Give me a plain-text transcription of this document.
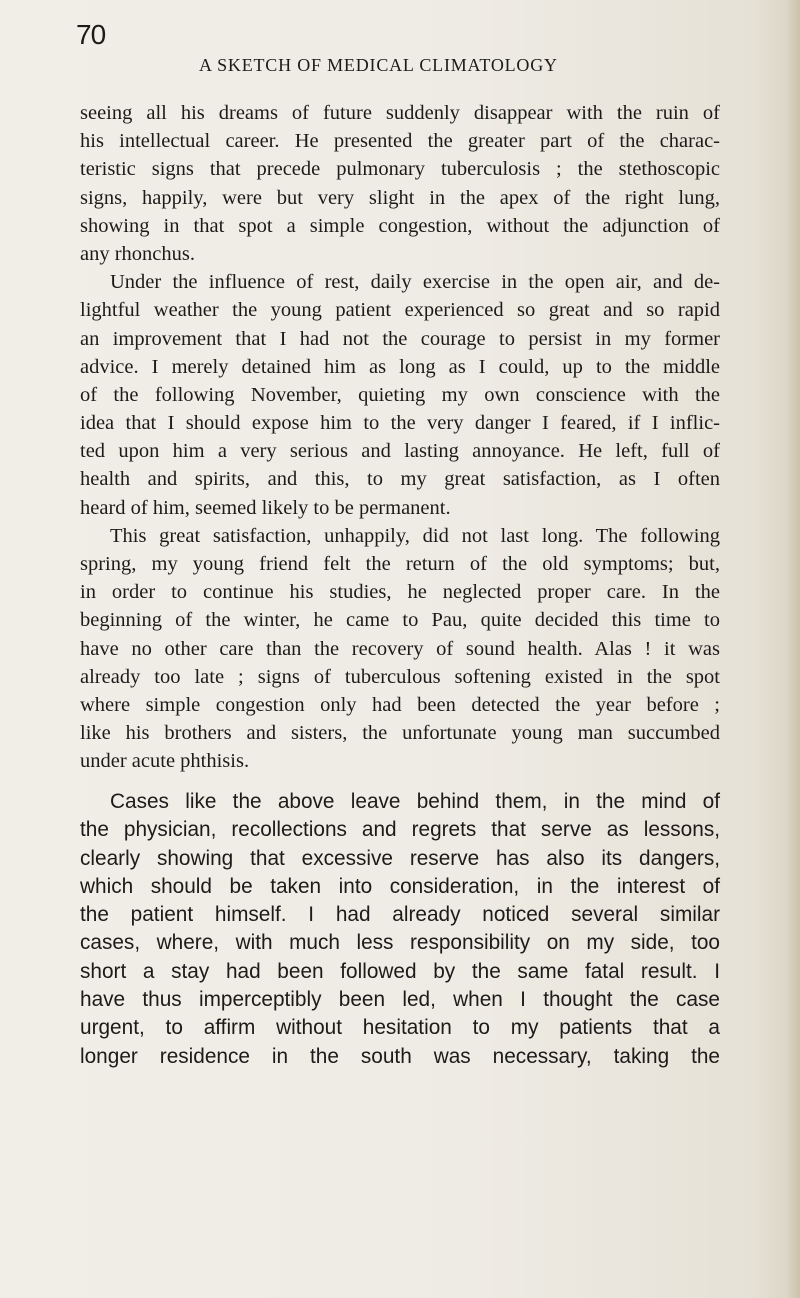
70
A SKETCH OF MEDICAL CLIMATOLOGY
seeing all his dreams of future suddenly disappear with the ruin of
his intellectual career. He presented the greater part of the charac-
teristic signs that precede pulmonary tuberculosis ; the stethoscopic
signs, happily, were but very slight in the apex of the right lung,
showing in that spot a simple congestion, without the adjunction of
any rhonchus.
Under the influence of rest, daily exercise in the open air, and de-
lightful weather the young patient experienced so great and so rapid
an improvement that I had not the courage to persist in my former
advice. I merely detained him as long as I could, up to the middle
of the following November, quieting my own conscience with the
idea that I should expose him to the very danger I feared, if I inflic-
ted upon him a very serious and lasting annoyance. He left, full of
health and spirits, and this, to my great satisfaction, as I often
heard of him, seemed likely to be permanent.
This great satisfaction, unhappily, did not last long. The following
spring, my young friend felt the return of the old symptoms; but,
in order to continue his studies, he neglected proper care. In the
beginning of the winter, he came to Pau, quite decided this time to
have no other care than the recovery of sound health. Alas ! it was
already too late ; signs of tuberculous softening existed in the spot
where simple congestion only had been detected the year before ;
like his brothers and sisters, the unfortunate young man succumbed
under acute phthisis.
Cases like the above leave behind them, in the mind of
the physician, recollections and regrets that serve as lessons,
clearly showing that excessive reserve has also its dangers,
which should be taken into consideration, in the interest of
the patient himself. I had already noticed several similar
cases, where, with much less responsibility on my side, too
short a stay had been followed by the same fatal result. I
have thus imperceptibly been led, when I thought the case
urgent, to affirm without hesitation to my patients that a
longer residence in the south was necessary, taking the
